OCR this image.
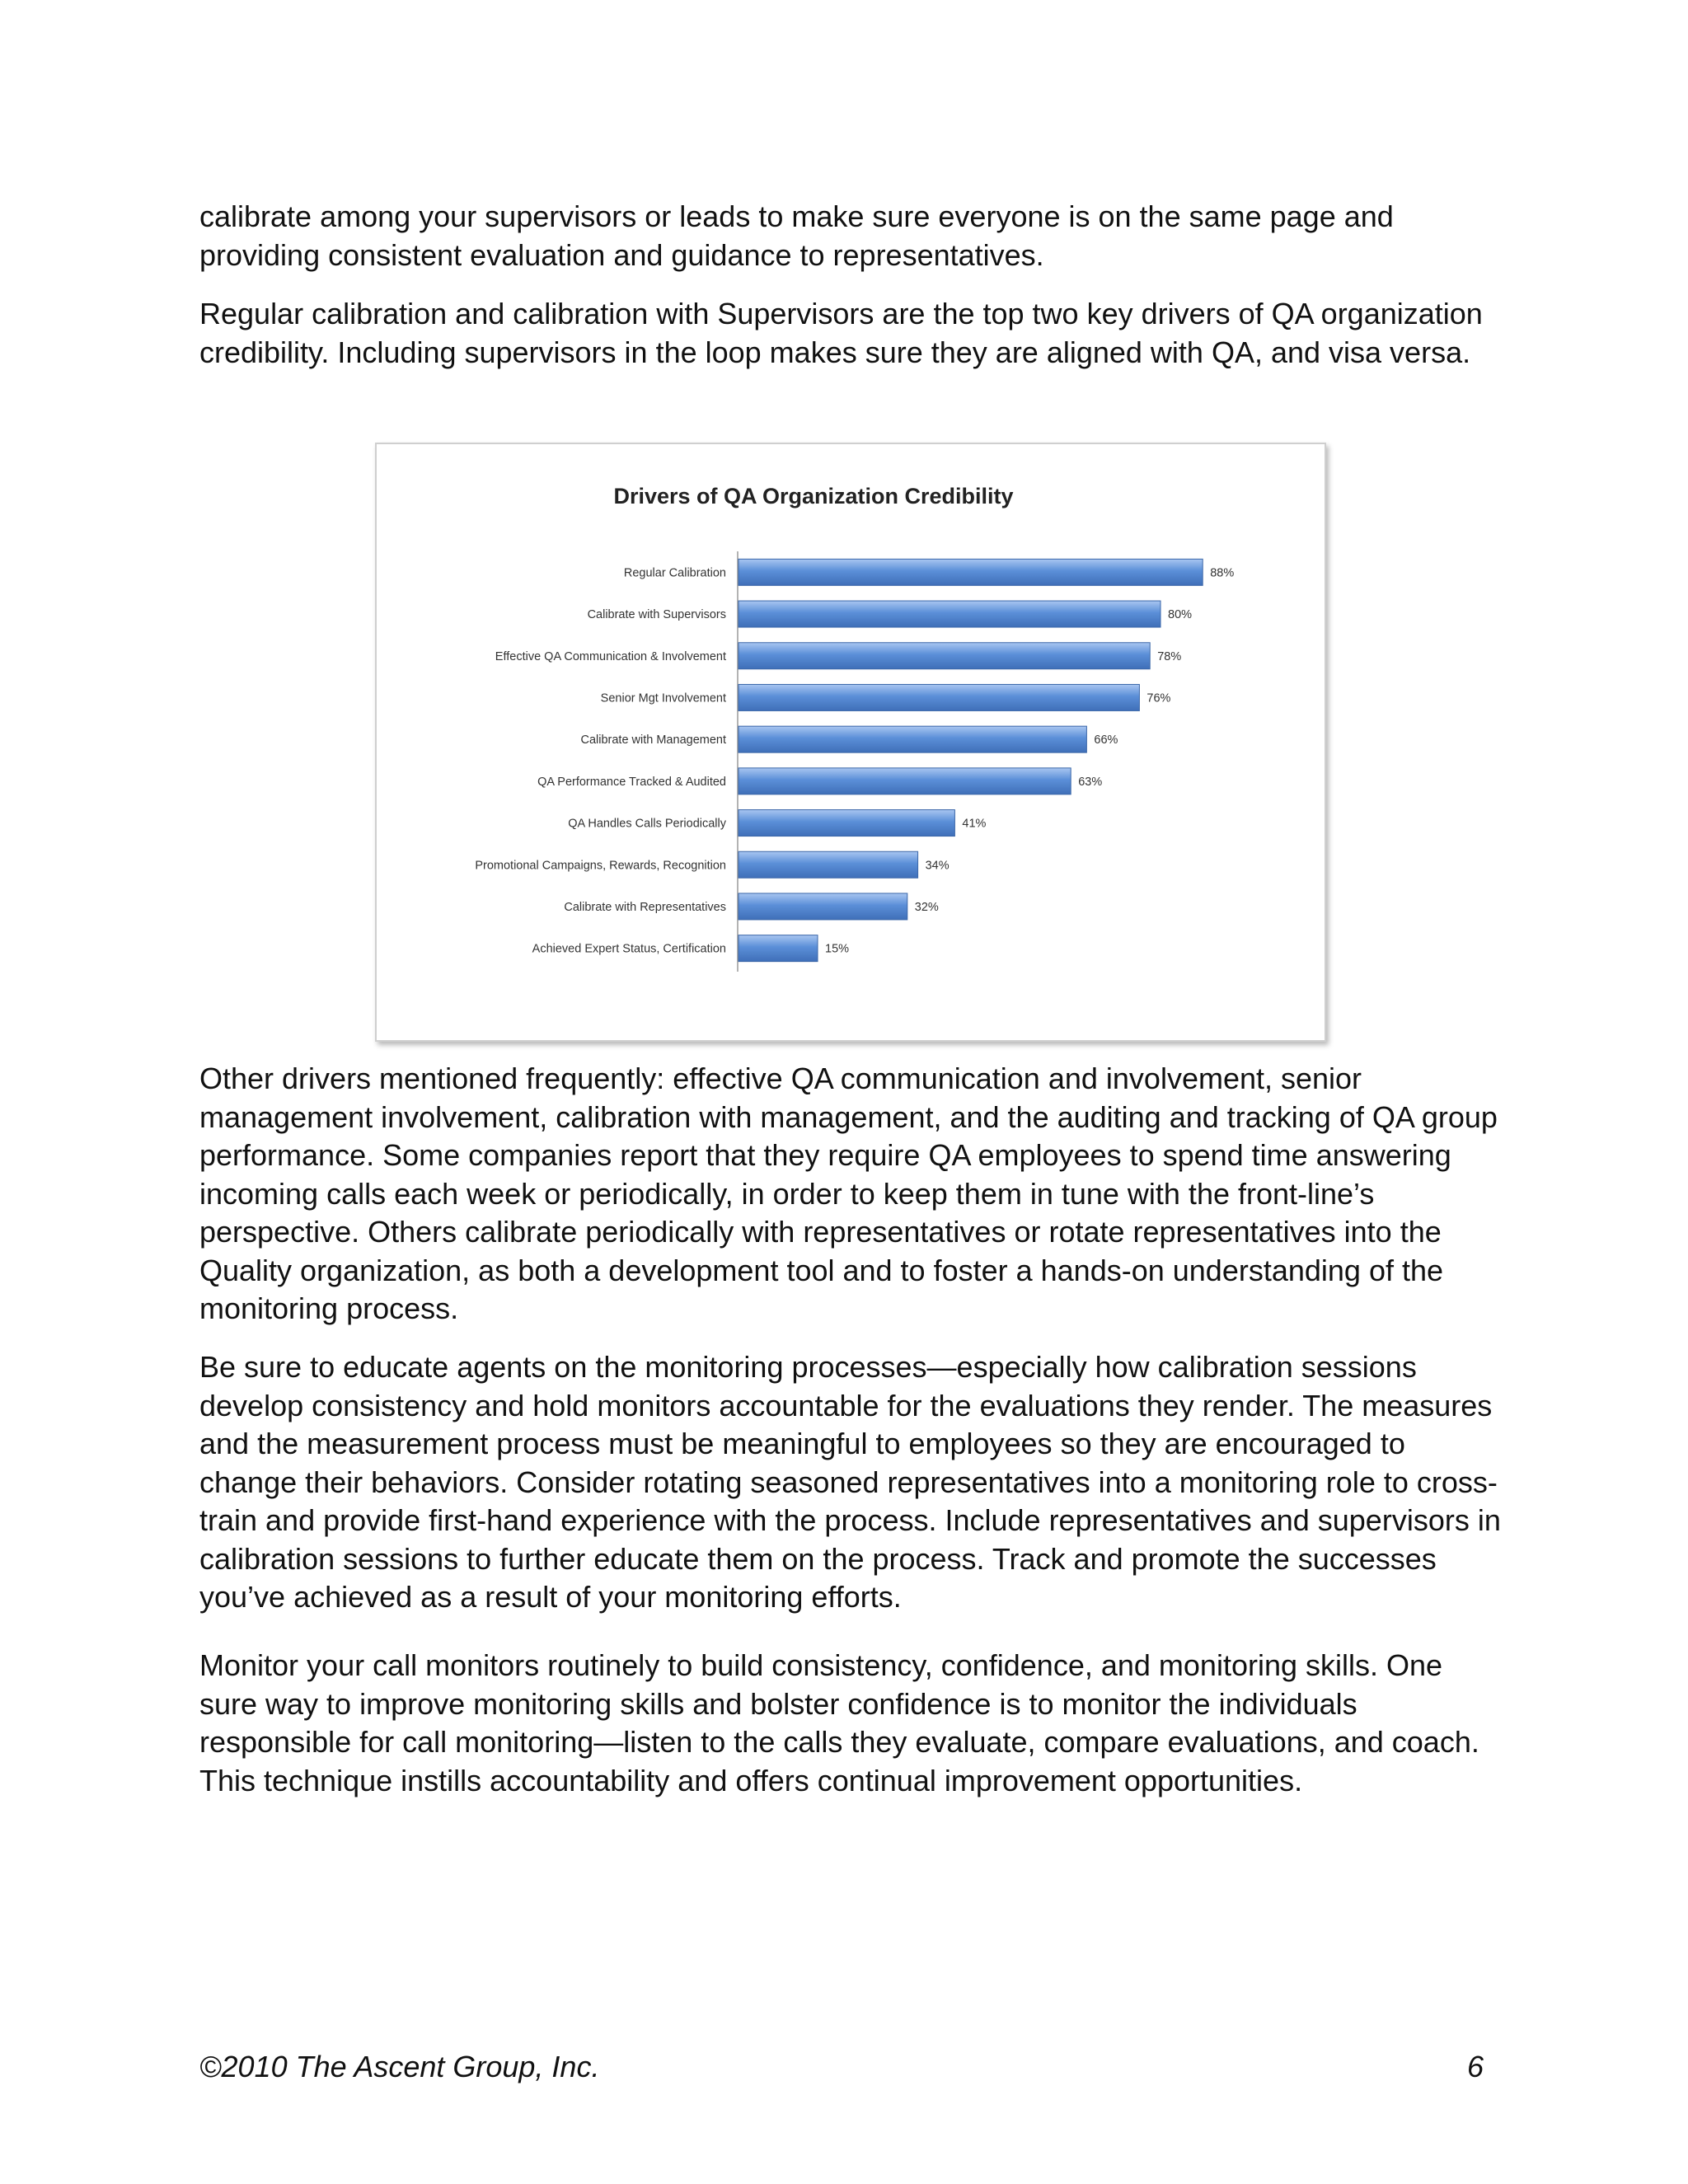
calibrate among your supervisors or leads to make sure everyone is on the same page and providing consistent evaluation and guidance to representatives.

Regular calibration and calibration with Supervisors are the top two key drivers of QA organization credibility. Including supervisors in the loop makes sure they are aligned with QA, and visa versa.

Drivers of QA Organization Credibility
Regular Calibration	88%
Calibrate with Supervisors	80%
Effective QA Communication & Involvement	78%
Senior Mgt Involvement	76%
Calibrate with Management	66%
QA Performance Tracked & Audited	63%
QA Handles Calls Periodically	41%
Promotional Campaigns, Rewards, Recognition	34%
Calibrate with Representatives	32%
Achieved Expert Status, Certification	15%

Other drivers mentioned frequently: effective QA communication and involvement, senior management involvement, calibration with management, and the auditing and tracking of QA group performance. Some companies report that they require QA employees to spend time answering incoming calls each week or periodically, in order to keep them in tune with the front-line’s perspective. Others calibrate periodically with representatives or rotate representatives into the Quality organization, as both a development tool and to foster a hands-on understanding of the monitoring process.

Be sure to educate agents on the monitoring processes—especially how calibration sessions develop consistency and hold monitors accountable for the evaluations they render. The measures and the measurement process must be meaningful to employees so they are encouraged to change their behaviors. Consider rotating seasoned representatives into a monitoring role to cross-train and provide first-hand experience with the process. Include representatives and supervisors in calibration sessions to further educate them on the process. Track and promote the successes you’ve achieved as a result of your monitoring efforts.

Monitor your call monitors routinely to build consistency, confidence, and monitoring skills. One sure way to improve monitoring skills and bolster confidence is to monitor the individuals responsible for call monitoring—listen to the calls they evaluate, compare evaluations, and coach. This technique instills accountability and offers continual improvement opportunities.

©2010 The Ascent Group, Inc.	6
